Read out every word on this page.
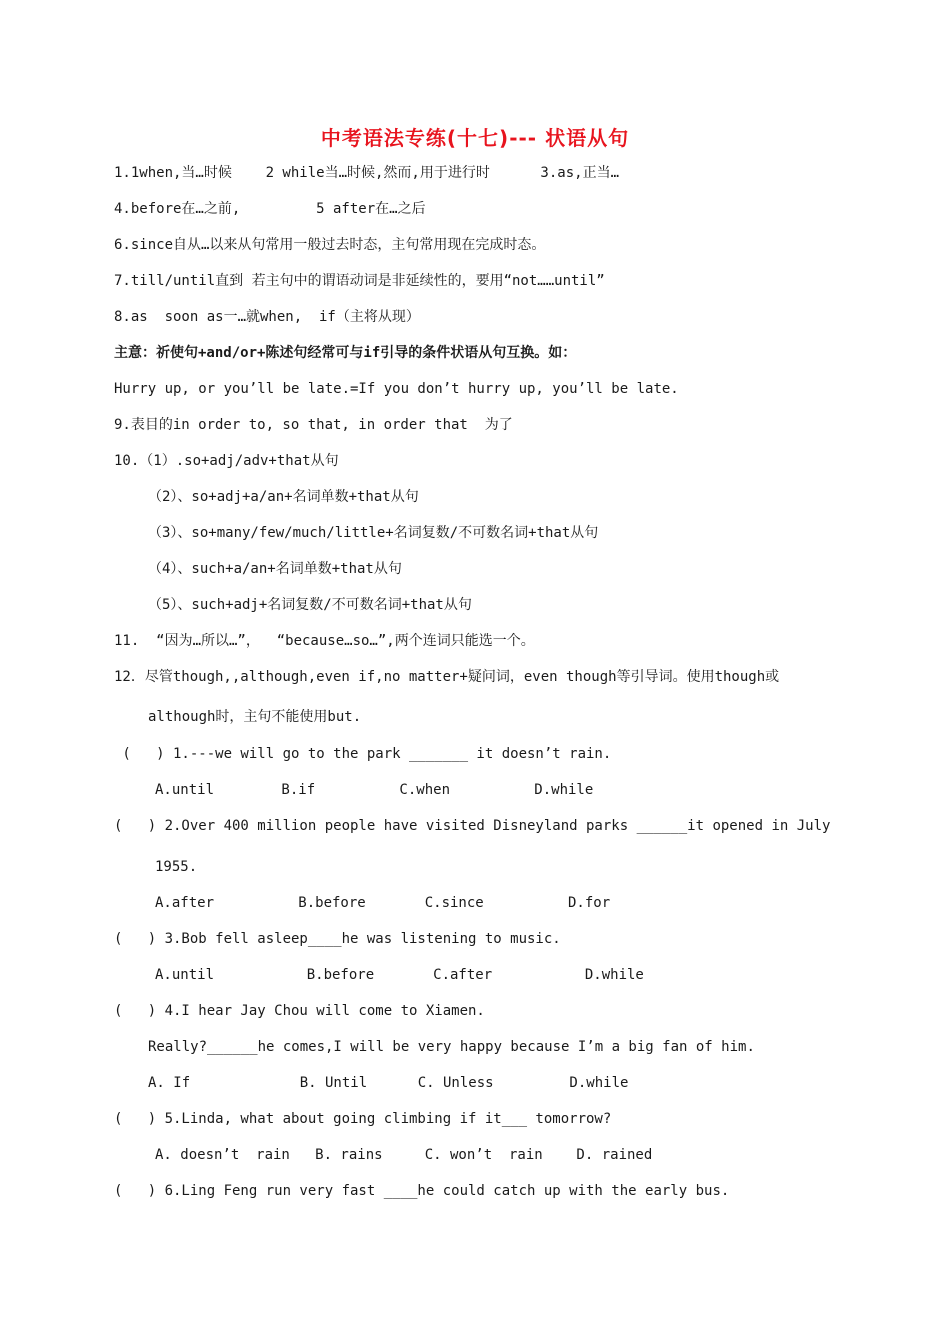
中考语法专练(十七)--- 状语从句
1.1when,当…时候    2 while当…时候,然而,用于进行时      3.as,正当…
4.before在…之前,         5 after在…之后
6.since自从…以来从句常用一般过去时态，主句常用现在完成时态。
7.till/until直到 若主句中的谓语动词是非延续性的，要用“not……until”
8.as  soon as一…就when,  if（主将从现）
主意：祈使句+and/or+陈述句经常可与if引导的条件状语从句互换。如：
Hurry up, or you’ll be late.=If you don’t hurry up, you’ll be late.
9.表目的in order to, so that, in order that  为了
10.（1）.so+adj/adv+that从句
（2）、so+adj+a/an+名词单数+that从句
（3）、so+many/few/much/little+名词复数/不可数名词+that从句
（4）、such+a/an+名词单数+that从句
（5）、such+adj+名词复数/不可数名词+that从句
11.  “因为…所以…”，  “because…so…”,两个连词只能选一个。
12．尽管though,,although,even if,no matter+疑问词，even though等引导词。使用though或
although时，主句不能使用but.
(   ) 1.---we will go to the park _______ it doesn’t rain.
A.until        B.if          C.when          D.while
(   ) 2.Over 400 million people have visited Disneyland parks ______it opened in July
1955.
A.after          B.before       C.since          D.for
(   ) 3.Bob fell asleep____he was listening to music.
A.until           B.before       C.after           D.while
(   ) 4.I hear Jay Chou will come to Xiamen.
Really?______he comes,I will be very happy because I’m a big fan of him.
A. If             B. Until      C. Unless         D.while
(   ) 5.Linda, what about going climbing if it___ tomorrow?
A. doesn’t  rain   B. rains     C. won’t  rain    D. rained
(   ) 6.Ling Feng run very fast ____he could catch up with the early bus.
